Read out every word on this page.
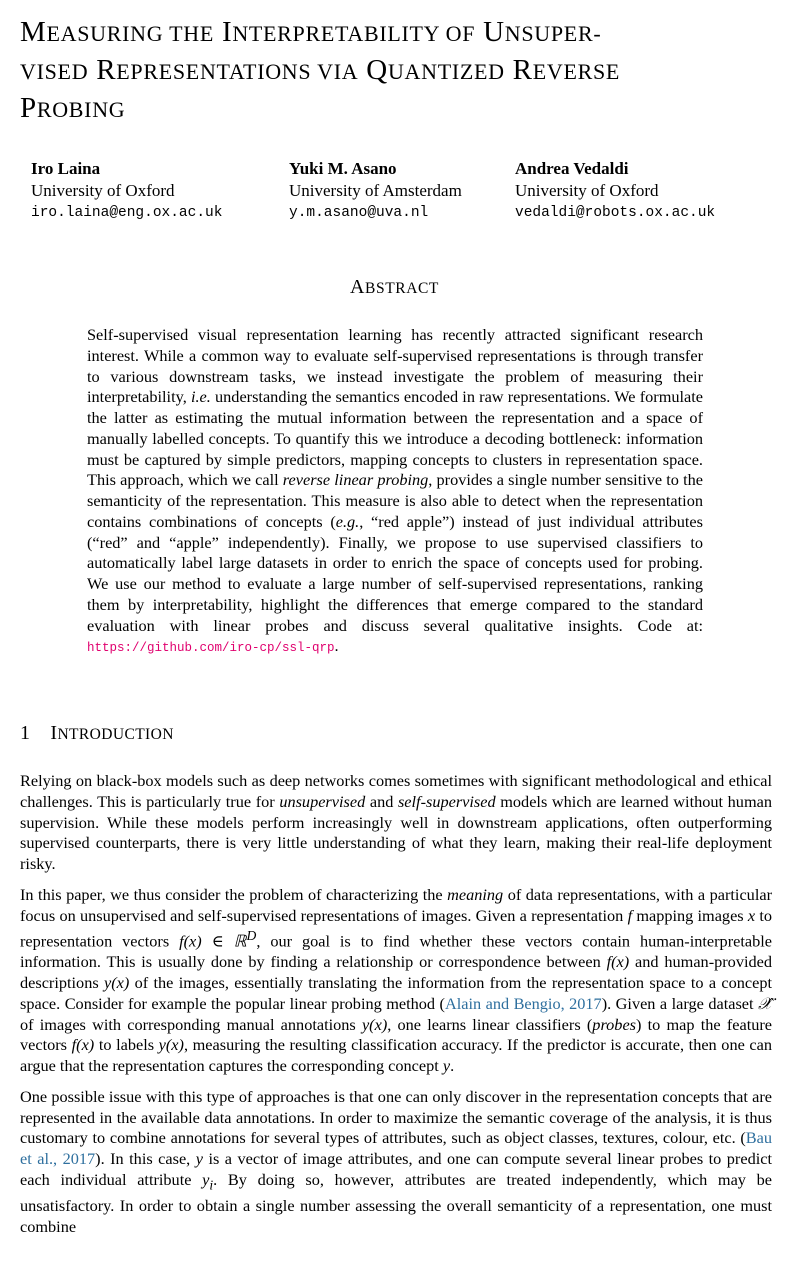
MEASURING THE INTERPRETABILITY OF UNSUPER-
VISED REPRESENTATIONS VIA QUANTIZED REVERSE
PROBING
Iro Laina
University of Oxford
iro.laina@eng.ox.ac.uk
Yuki M. Asano
University of Amsterdam
y.m.asano@uva.nl
Andrea Vedaldi
University of Oxford
vedaldi@robots.ox.ac.uk
ABSTRACT

Self-supervised visual representation learning has recently attracted significant research interest. While a common way to evaluate self-supervised representations is through transfer to various downstream tasks, we instead investigate the problem of measuring their interpretability, i.e. understanding the semantics encoded in raw representations. We formulate the latter as estimating the mutual information between the representation and a space of manually labelled concepts. To quantify this we introduce a decoding bottleneck: information must be captured by simple predictors, mapping concepts to clusters in representation space. This approach, which we call reverse linear probing, provides a single number sensitive to the semanticity of the representation. This measure is also able to detect when the representation contains combinations of concepts (e.g., “red apple”) instead of just individual attributes (“red” and “apple” independently). Finally, we propose to use supervised classifiers to automatically label large datasets in order to enrich the space of concepts used for probing. We use our method to evaluate a large number of self-supervised representations, ranking them by interpretability, highlight the differences that emerge compared to the standard evaluation with linear probes and discuss several qualitative insights. Code at: https://github.com/iro-cp/ssl-qrp.

1 INTRODUCTION

Relying on black-box models such as deep networks comes sometimes with significant methodological and ethical challenges. This is particularly true for unsupervised and self-supervised models which are learned without human supervision. While these models perform increasingly well in downstream applications, often outperforming supervised counterparts, there is very little understanding of what they learn, making their real-life deployment risky.

In this paper, we thus consider the problem of characterizing the meaning of data representations, with a particular focus on unsupervised and self-supervised representations of images. Given a representation f mapping images x to representation vectors f(x) ∈ ℝ$^D$, our goal is to find whether these vectors contain human-interpretable information. This is usually done by finding a relationship or correspondence between f(x) and human-provided descriptions y(x) of the images, essentially translating the information from the representation space to a concept space. Consider for example the popular linear probing method (Alain and Bengio, 2017). Given a large dataset 𝒳̂ of images with corresponding manual annotations y(x), one learns linear classifiers (probes) to map the feature vectors f(x) to labels y(x), measuring the resulting classification accuracy. If the predictor is accurate, then one can argue that the representation captures the corresponding concept y.

One possible issue with this type of approaches is that one can only discover in the representation concepts that are represented in the available data annotations. In order to maximize the semantic coverage of the analysis, it is thus customary to combine annotations for several types of attributes, such as object classes, textures, colour, etc. (Bau et al., 2017). In this case, y is a vector of image attributes, and one can compute several linear probes to predict each individual attribute $y_i$. By doing so, however, attributes are treated independently, which may be unsatisfactory. In order to obtain a single number assessing the overall semanticity of a representation, one must combine
